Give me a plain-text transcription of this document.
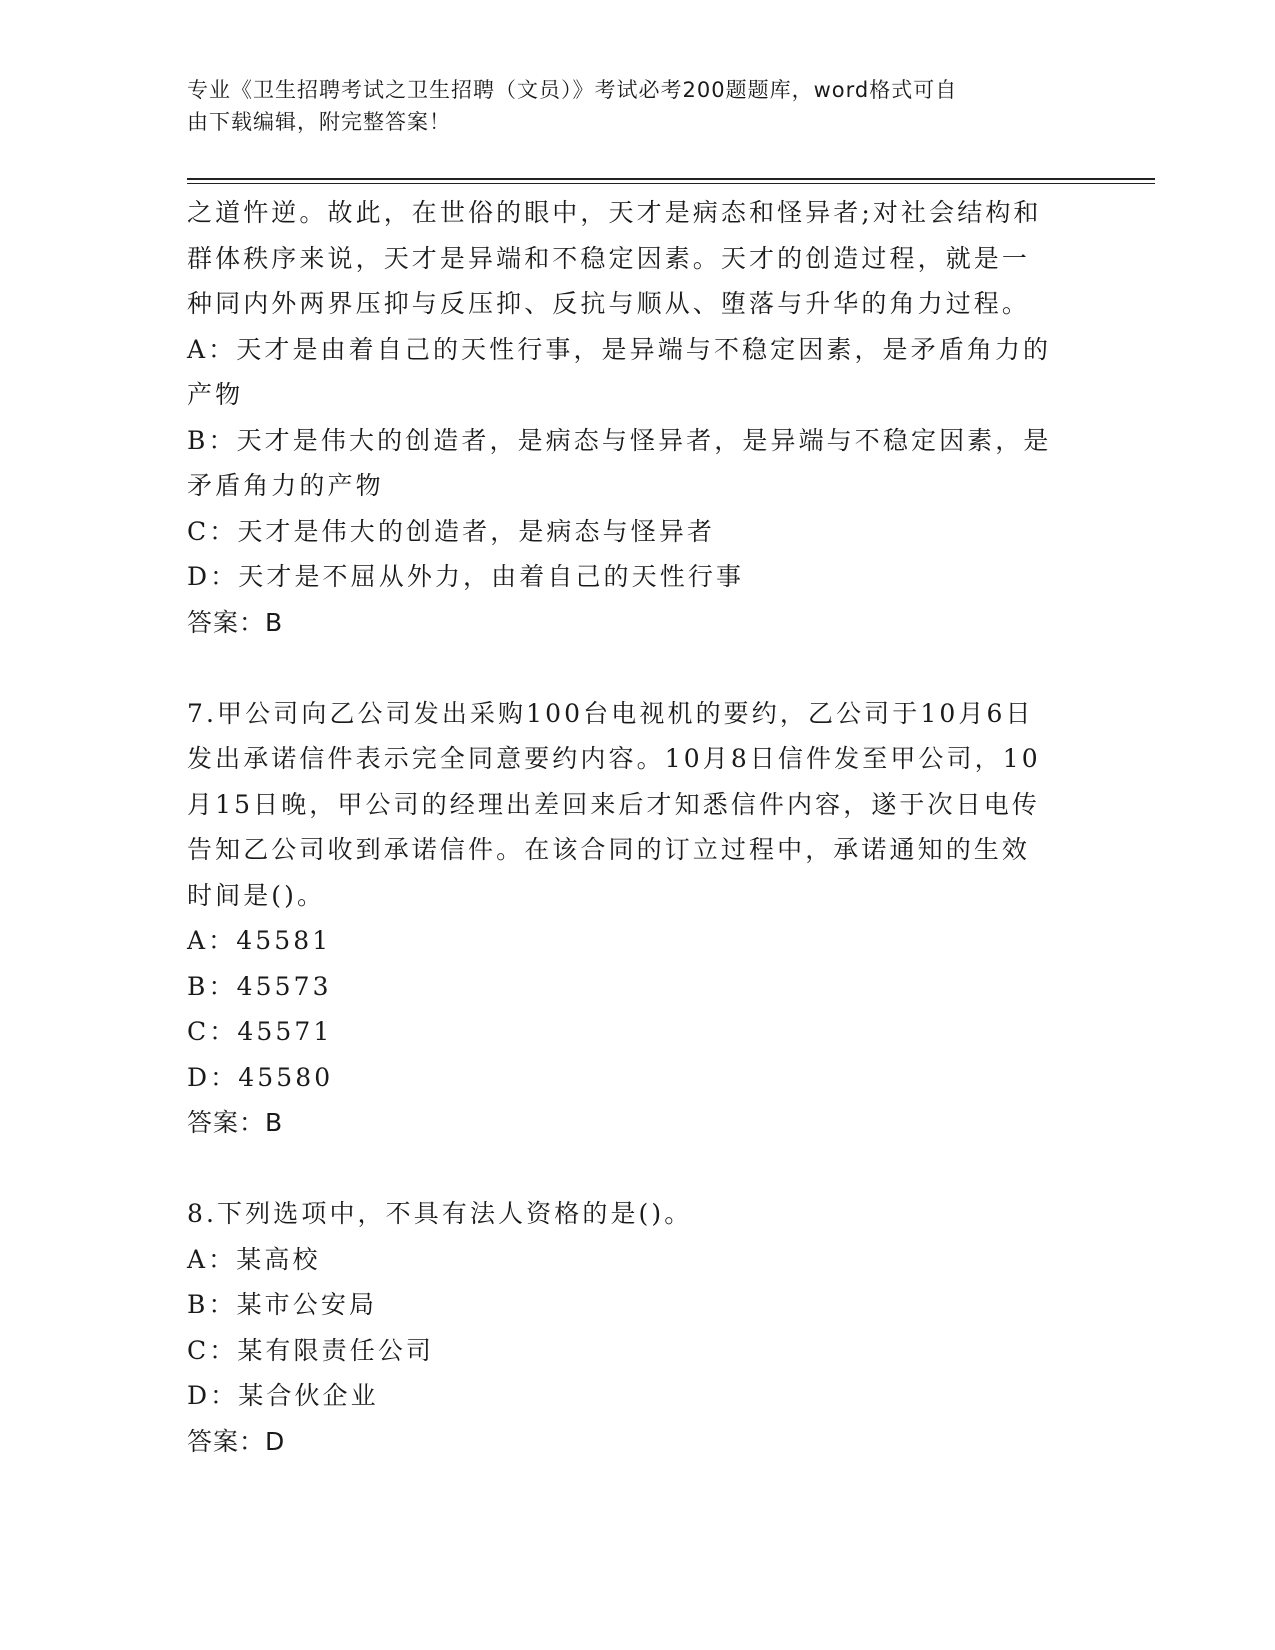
专业《卫生招聘考试之卫生招聘（文员）》考试必考200题题库，word格式可自
由下载编辑，附完整答案！
之道忤逆。故此，在世俗的眼中，天才是病态和怪异者;对社会结构和
群体秩序来说，天才是异端和不稳定因素。天才的创造过程，就是一
种同内外两界压抑与反压抑、反抗与顺从、堕落与升华的角力过程。
A：天才是由着自己的天性行事，是异端与不稳定因素，是矛盾角力的
产物
B：天才是伟大的创造者，是病态与怪异者，是异端与不稳定因素，是
矛盾角力的产物
C：天才是伟大的创造者，是病态与怪异者
D：天才是不屈从外力，由着自己的天性行事
答案：B
7.甲公司向乙公司发出采购100台电视机的要约，乙公司于10月6日
发出承诺信件表示完全同意要约内容。10月8日信件发至甲公司，10
月15日晚，甲公司的经理出差回来后才知悉信件内容，遂于次日电传
告知乙公司收到承诺信件。在该合同的订立过程中，承诺通知的生效
时间是()。
A：45581
B：45573
C：45571
D：45580
答案：B
8.下列选项中，不具有法人资格的是()。
A：某高校
B：某市公安局
C：某有限责任公司
D：某合伙企业
答案：D
